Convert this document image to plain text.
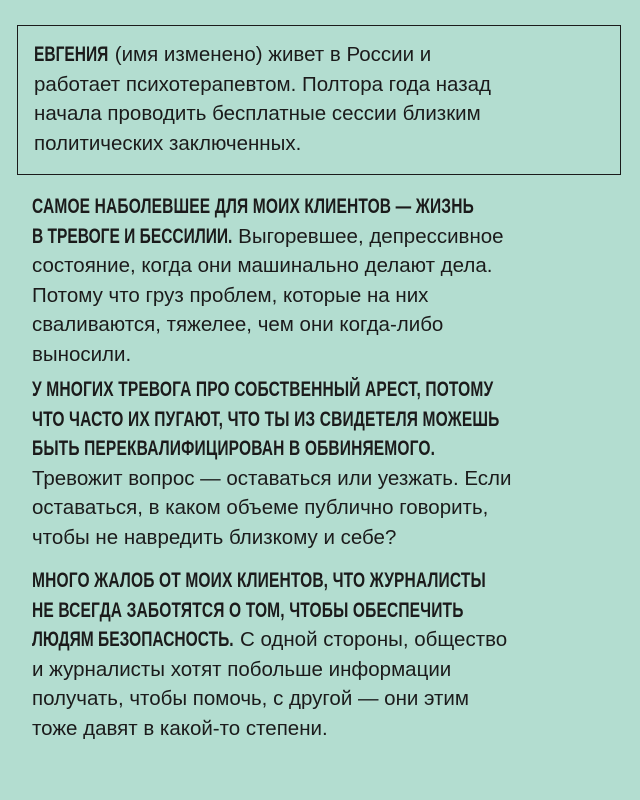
ЕВГЕНИЯ (имя изменено) живет в России и
работает психотерапевтом. Полтора года назад
начала проводить бесплатные сессии близким
политических заключенных.
САМОЕ НАБОЛЕВШЕЕ ДЛЯ МОИХ КЛИЕНТОВ — ЖИЗНЬ
В ТРЕВОГЕ И БЕССИЛИИ. Выгоревшее, депрессивное
состояние, когда они машинально делают дела.
Потому что груз проблем, которые на них
сваливаются, тяжелее, чем они когда-либо
выносили.
У МНОГИХ ТРЕВОГА ПРО СОБСТВЕННЫЙ АРЕСТ, ПОТОМУ
ЧТО ЧАСТО ИХ ПУГАЮТ, ЧТО ТЫ ИЗ СВИДЕТЕЛЯ МОЖЕШЬ
БЫТЬ ПЕРЕКВАЛИФИЦИРОВАН В ОБВИНЯЕМОГО.
Тревожит вопрос — оставаться или уезжать. Если
оставаться, в каком объеме публично говорить,
чтобы не навредить близкому и себе?
МНОГО ЖАЛОБ ОТ МОИХ КЛИЕНТОВ, ЧТО ЖУРНАЛИСТЫ
НЕ ВСЕГДА ЗАБОТЯТСЯ О ТОМ, ЧТОБЫ ОБЕСПЕЧИТЬ
ЛЮДЯМ БЕЗОПАСНОСТЬ. С одной стороны, общество
и журналисты хотят побольше информации
получать, чтобы помочь, с другой — они этим
тоже давят в какой-то степени.
